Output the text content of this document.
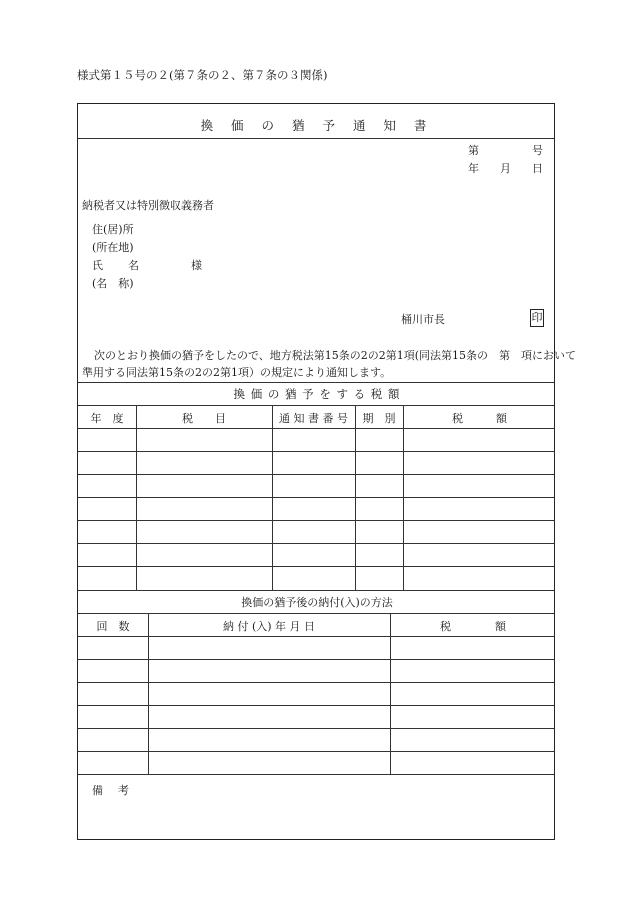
様式第１５号の２(第７条の２、第７条の３関係)
換 価 の 猶 予 通 知 書
第	号
年 月 日
納税者又は特別徴収義務者
住(居)所
(所在地)
氏 名	様
(名　称)
桶川市長	印
次のとおり換価の猶予をしたので、地方税法第15条の2の2第1項(同法第15条の　第　項において
準用する同法第15条の2の2第1項）の規定により通知します。
換 価 の 猶 予 を す る 税 額
年　度	税　　目	通 知 書 番 号	期　別	税　　　額
換価の猶予後の納付(入)の方法
回　数	納 付 (入) 年 月 日	税　　　　額
備　考
